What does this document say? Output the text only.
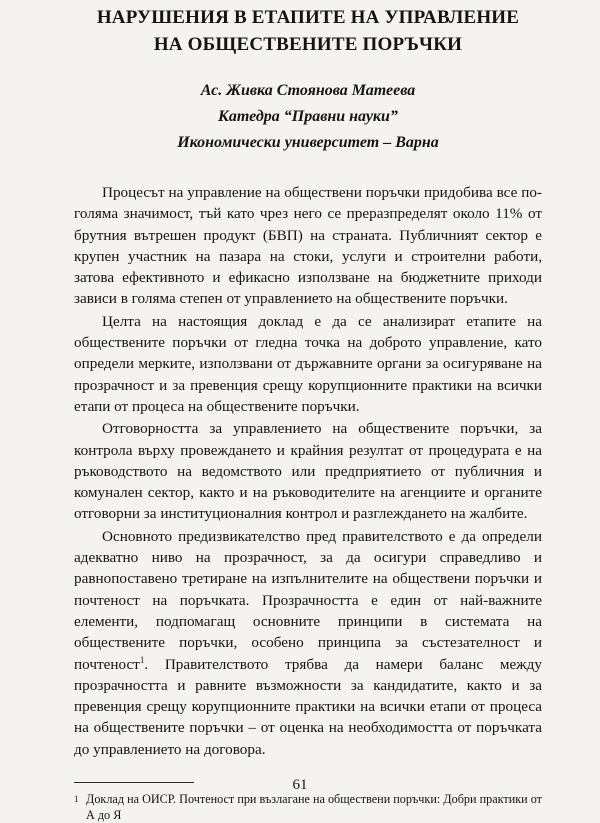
НАРУШЕНИЯ В ЕТАПИТЕ НА УПРАВЛЕНИЕ
НА ОБЩЕСТВЕНИТЕ ПОРЪЧКИ
Ас. Живка Стоянова Матеева
Катедра “Правни науки”
Икономически университет – Варна

Процесът на управление на обществени поръчки придобива все по-голяма значимост, тъй като чрез него се преразпределят около 11% от брутния вътрешен продукт (БВП) на страната. Публичният сектор е крупен участник на пазара на стоки, услуги и строителни работи, затова ефективното и ефикасно използване на бюджетните приходи зависи в голяма степен от управлението на обществените поръчки.

Целта на настоящия доклад е да се анализират етапите на обществените поръчки от гледна точка на доброто управление, като определи мерките, използвани от държавните органи за осигуряване на прозрачност и за превенция срещу корупционните практики на всички етапи от процеса на обществените поръчки.

Отговорността за управлението на обществените поръчки, за контрола върху провеждането и крайния резултат от процедурата е на ръководството на ведомството или предприятието от публичния и комунален сектор, както и на ръководителите на агенциите и органите отговорни за институционалния контрол и разглеждането на жалбите.

Основното предизвикателство пред правителството е да определи адекватно ниво на прозрачност, за да осигури справедливо и равнопоставено третиране на изпълнителите на обществени поръчки и почтеност на поръчката. Прозрачността е един от най-важните елементи, подпомагащ основните принципи в системата на обществените поръчки, особено принципа за състезателност и почтеност$^1$. Правителството трябва да намери баланс между прозрачността и равните възможности за кандидатите, както и за превенция срещу корупционните практики на всички етапи от процеса на обществените поръчки – от оценка на необходимостта от поръчката до управлението на договора.

1 Доклад на ОИСР. Почтеност при възлагане на обществени поръчки: Добри практики от А до Я
61
